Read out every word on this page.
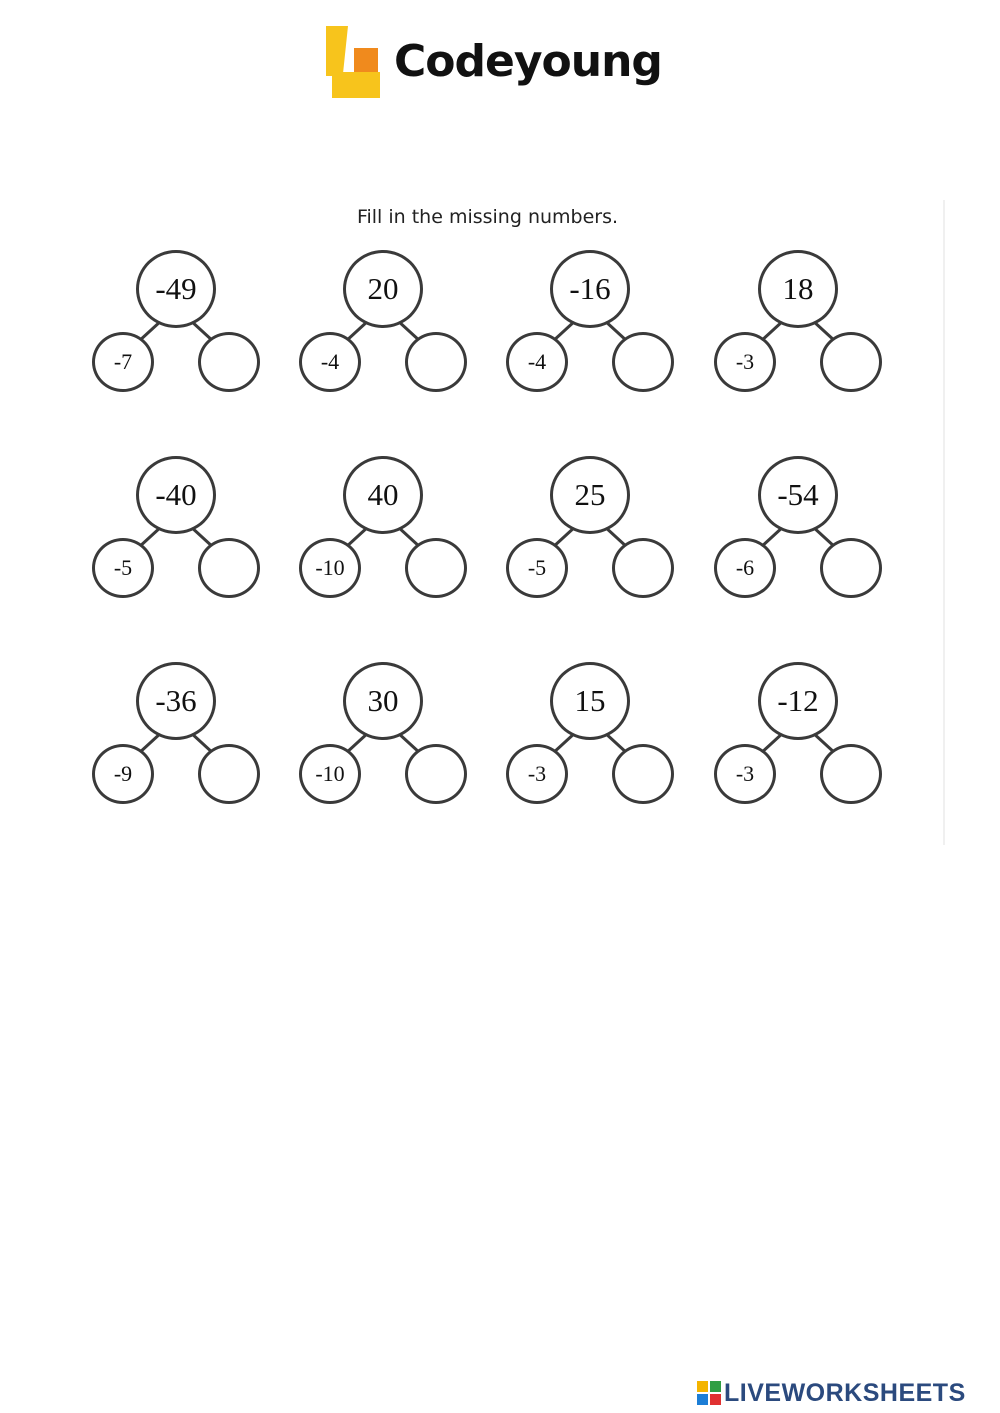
Codeyoung
Fill in the missing numbers.
-49
-7
20
-4
-16
-4
18
-3
-40
-5
40
-10
25
-5
-54
-6
-36
-9
30
-10
15
-3
-12
-3
LIVEWORKSHEETS
